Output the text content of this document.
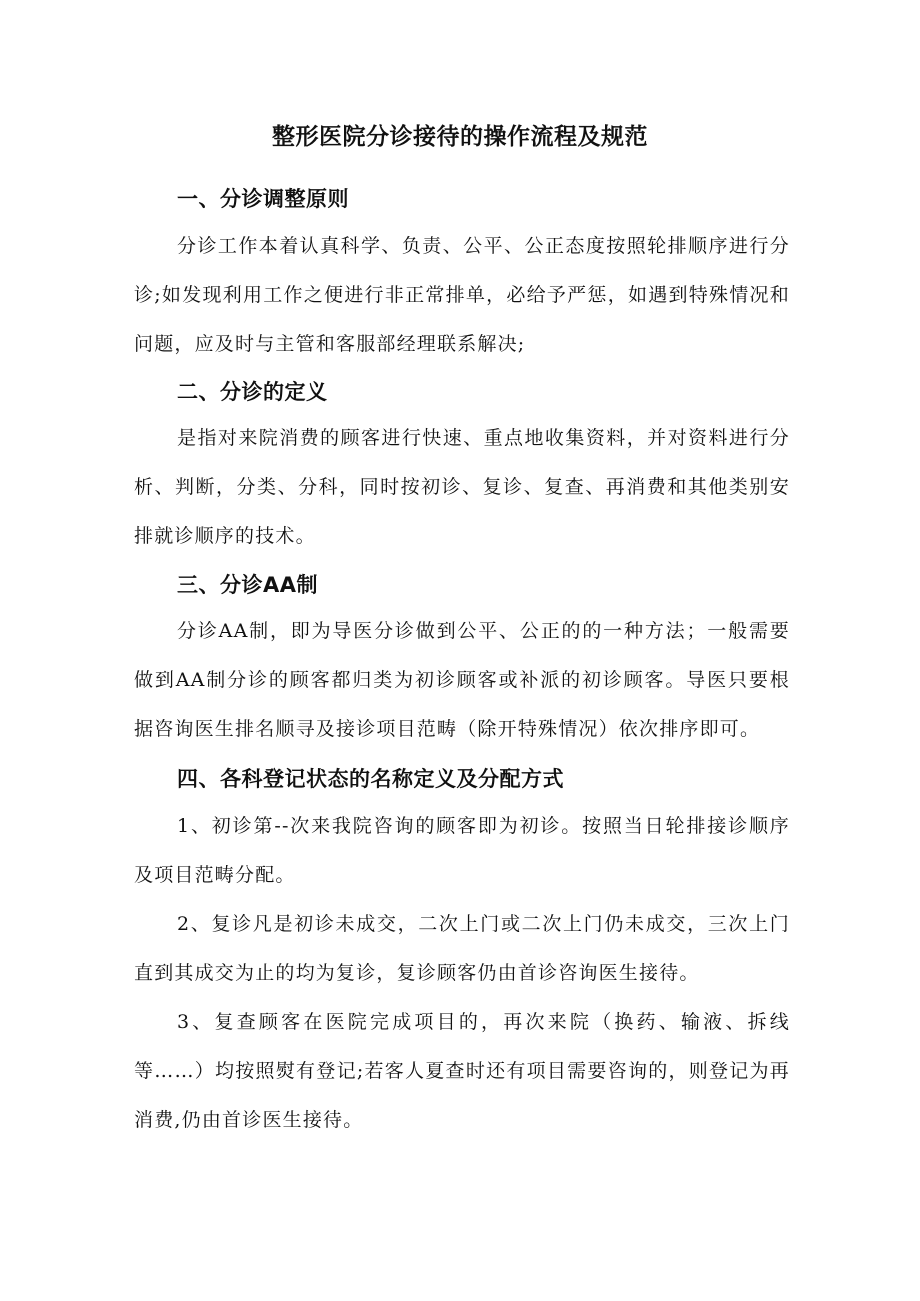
整形医院分诊接待的操作流程及规范
一、分诊调整原则

分诊工作本着认真科学、负责、公平、公正态度按照轮排顺序进行分诊;如发现利用工作之便进行非正常排单，必给予严惩，如遇到特殊情况和问题，应及时与主管和客服部经理联系解决;

二、分诊的定义

是指对来院消费的顾客进行快速、重点地收集资料，并对资料进行分析、判断，分类、分科，同时按初诊、复诊、复查、再消费和其他类别安排就诊顺序的技术。

三、分诊AA制

分诊AA制，即为导医分诊做到公平、公正的的一种方法；一般需要做到AA制分诊的顾客都归类为初诊顾客或补派的初诊顾客。导医只要根据咨询医生排名顺寻及接诊项目范畴（除开特殊情况）依次排序即可。

四、各科登记状态的名称定义及分配方式

1、初诊第--次来我院咨询的顾客即为初诊。按照当日轮排接诊顺序及项目范畴分配。

2、复诊凡是初诊未成交，二次上门或二次上门仍未成交，三次上门直到其成交为止的均为复诊，复诊顾客仍由首诊咨询医生接待。

3、复查顾客在医院完成项目的，再次来院（换药、输液、拆线等……）均按照熨有登记;若客人夏查时还有项目需要咨询的，则登记为再消费,仍由首诊医生接待。
